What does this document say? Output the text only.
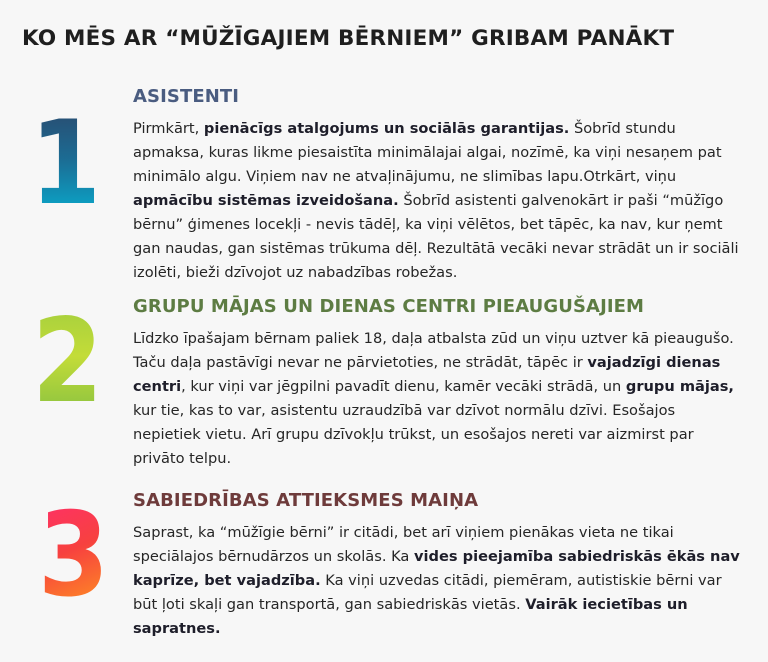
KO MĒS AR “MŪŽĪGAJIEM BĒRNIEM” GRIBAM PANĀKT
1 ASISTENTI
Pirmkārt, pienācīgs atalgojums un sociālās garantijas. Šobrīd stundu apmaksa, kuras likme piesaistīta minimālajai algai, nozīmē, ka viņi nesaņem pat minimālo algu. Viņiem nav ne atvaļinājumu, ne slimības lapu.Otrkārt, viņu apmācību sistēmas izveidošana. Šobrīd asistenti galvenokārt ir paši “mūžīgo bērnu” ģimenes locekļi - nevis tādēļ, ka viņi vēlētos, bet tāpēc, ka nav, kur ņemt gan naudas, gan sistēmas trūkuma dēļ. Rezultātā vecāki nevar strādāt un ir sociāli izolēti, bieži dzīvojot uz nabadzības robežas.
2 GRUPU MĀJAS UN DIENAS CENTRI PIEAUGUŠAJIEM
Līdzko īpašajam bērnam paliek 18, daļa atbalsta zūd un viņu uztver kā pieaugušo. Taču daļa pastāvīgi nevar ne pārvietoties, ne strādāt, tāpēc ir vajadzīgi dienas centri, kur viņi var jēgpilni pavadīt dienu, kamēr vecāki strādā, un grupu mājas, kur tie, kas to var, asistentu uzraudzībā var dzīvot normālu dzīvi. Esošajos nepietiek vietu. Arī grupu dzīvokļu trūkst, un esošajos nereti var aizmirst par privāto telpu.
3 SABIEDRĪBAS ATTIEKSMES MAIŅA
Saprast, ka “mūžīgie bērni” ir citādi, bet arī viņiem pienākas vieta ne tikai speciālajos bērnudārzos un skolās. Ka vides pieejamība sabiedriskās ēkās nav kaprīze, bet vajadzība. Ka viņi uzvedas citādi, piemēram, autistiskie bērni var būt ļoti skaļi gan transportā, gan sabiedriskās vietās. Vairāk iecietības un sapratnes.
